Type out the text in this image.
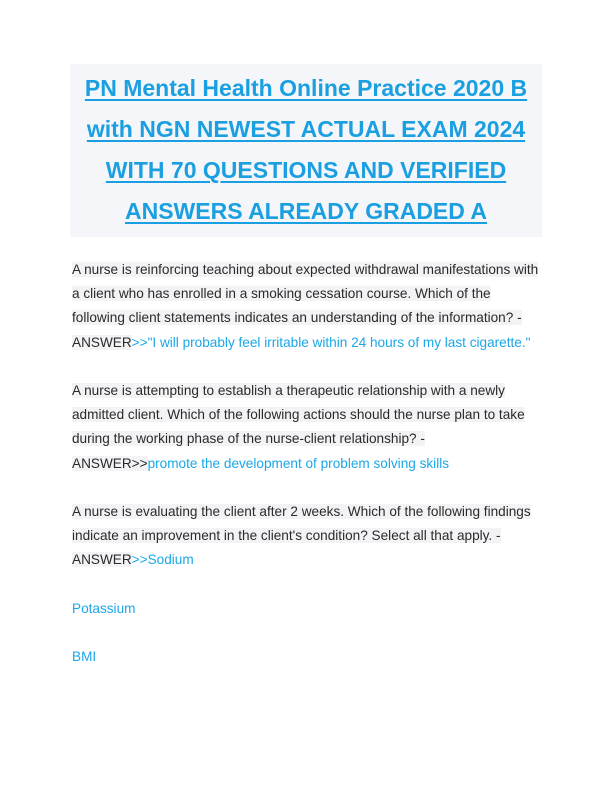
PN Mental Health Online Practice 2020 B
with NGN NEWEST ACTUAL EXAM 2024
WITH 70 QUESTIONS AND VERIFIED
ANSWERS ALREADY GRADED A

A nurse is reinforcing teaching about expected withdrawal manifestations with a client who has enrolled in a smoking cessation course. Which of the following client statements indicates an understanding of the information? - ANSWER>>"I will probably feel irritable within 24 hours of my last cigarette."

A nurse is attempting to establish a therapeutic relationship with a newly admitted client. Which of the following actions should the nurse plan to take during the working phase of the nurse-client relationship? - ANSWER>>promote the development of problem solving skills

A nurse is evaluating the client after 2 weeks. Which of the following findings indicate an improvement in the client's condition? Select all that apply. - ANSWER>>Sodium

Potassium

BMI
